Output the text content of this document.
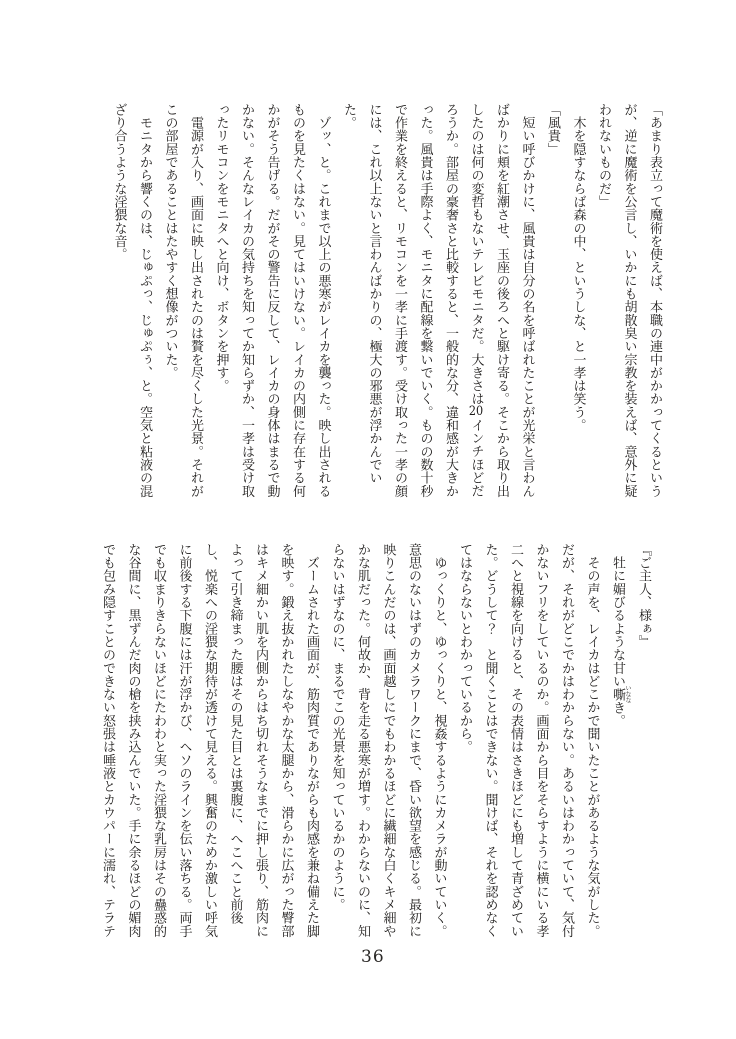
「あまり表立って魔術を使えば、本職の連中がかかってくるという
が、逆に魔術を公言し、いかにも胡散臭い宗教を装えば、意外に疑
われないものだ」
　木を隠すならば森の中、というしな、と一孝は笑う。
「風貴」
　短い呼びかけに、風貴は自分の名を呼ばれたことが光栄と言わん
ばかりに頬を紅潮させ、玉座の後ろへと駆け寄る。そこから取り出
したのは何の変哲もないテレビモニタだ。大きさは20インチほどだ
ろうか。部屋の豪奢さと比較すると、一般的な分、違和感が大きか
った。風貴は手際よく、モニタに配線を繋いでいく。ものの数十秒
で作業を終えると、リモコンを一孝に手渡す。受け取った一孝の顔
には、これ以上ないと言わんばかりの、極大の邪悪が浮かんでい
た。
　ゾッ、と。これまで以上の悪寒がレイカを襲った。映し出される
ものを見たくはない。見てはいけない。レイカの内側に存在する何
かがそう告げる。だがその警告に反して、レイカの身体はまるで動
かない。そんなレイカの気持ちを知ってか知らずか、一孝は受け取
ったリモコンをモニタへと向け、ボタンを押す。
　電源が入り、画面に映し出されたのは贅を尽くした光景。それが
この部屋であることはたやすく想像がついた。
　モニタから響くのは、じゅぷっ、じゅぷぅ、と。空気と粘液の混
ざり合うような淫猥な音。
『ご主人、様ぁ』
　牡に媚びるような甘い嘶 いななき。
　その声を、レイカはどこかで聞いたことがあるような気がした。
だが、それがどこでかはわからない。あるいはわかっていて、気付
かないフリをしているのか。画面から目をそらすように横にいる孝
二へと視線を向けると、その表情はさきほどにも増して青ざめてい
た。どうして？　と聞くことはできない。聞けば、それを認めなく
てはならないとわかっているから。
　ゆっくりと、ゆっくりと、視姦するようにカメラが動いていく。
意思のないはずのカメラワークにまで、昏い欲望を感じる。最初に
映りこんだのは、画面越しにでもわかるほどに繊細な白くキメ細や
かな肌だった。何故か、背を走る悪寒が増す。わからないのに、知
らないはずなのに、まるでこの光景を知っているかのように。
　ズームされた画面が、筋肉質でありながらも肉感を兼ね備えた脚
を映す。鍛え抜かれたしなやかな太腿から、滑らかに広がった臀部
はキメ細かい肌を内側からはち切れそうなまでに押し張り、筋肉に
よって引き締まった腰はその見た目とは裏腹に、へこへこと前後
し、悦楽への淫猥な期待が透けて見える。興奮のためか激しい呼気
に前後する下腹には汗が浮かび、ヘソのラインを伝い落ちる。両手
でも収まりきらないほどにたわわと実った淫猥な乳房はその蠱惑的
な谷間に、黒ずんだ肉の槍を挟み込んでいた。手に余るほどの媚肉
でも包み隠すことのできない怒張は唾液とカウパーに濡れ、テラテ
36
